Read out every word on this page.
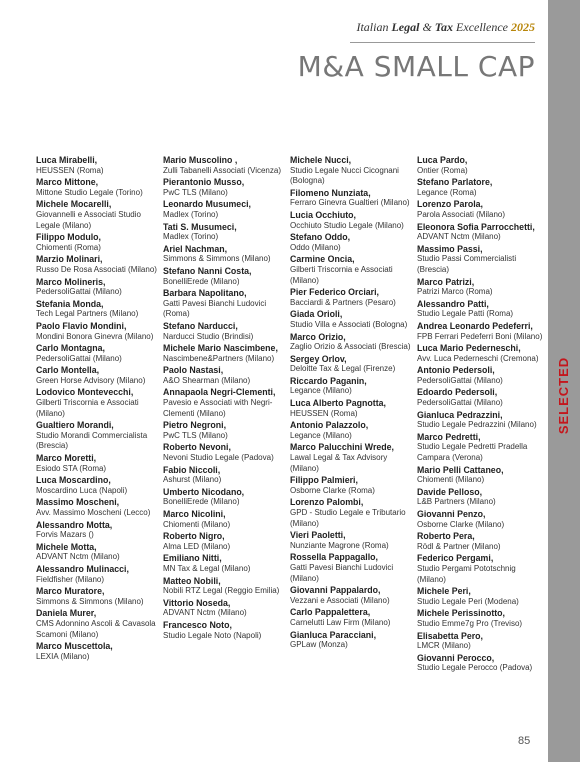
Italian Legal & Tax Excellence 2025
M&A SMALL CAP
SELECTED
Luca Mirabelli,
HEUSSEN (Roma)
Marco Mittone,
Mittone Studio Legale (Torino)
Michele Mocarelli,
Giovannelli e Associati Studio Legale (Milano)
Filippo Modulo,
Chiomenti (Roma)
Marzio Molinari,
Russo De Rosa Associati (Milano)
Marco Molineris,
PedersoliGattai (Milano)
Stefania Monda,
Tech Legal Partners (Milano)
Paolo Flavio Mondini,
Mondini Bonora Ginevra (Milano)
Carlo Montagna,
PedersoliGattai (Milano)
Carlo Montella,
Green Horse Advisory (Milano)
Lodovico Montevecchi,
Gilberti Triscornia e Associati (Milano)
Gualtiero Morandi,
Studio Morandi Commercialista (Brescia)
Marco Moretti,
Esiodo STA (Roma)
Luca Moscardino,
Moscardino Luca (Napoli)
Massimo Moscheni,
Avv. Massimo Moscheni (Lecco)
Alessandro Motta,
Forvis Mazars ()
Michele Motta,
ADVANT Nctm (Milano)
Alessandro Mulinacci,
Fieldfisher (Milano)
Marco Muratore,
Simmons & Simmons (Milano)
Daniela Murer,
CMS Adonnino Ascoli & Cavasola Scamoni (Milano)
Marco Muscettola,
LEXIA (Milano)
Mario Muscolino ,
Zulli Tabanelli Associati (Vicenza)
Pierantonio Musso,
PwC TLS (Milano)
Leonardo Musumeci,
Madlex (Torino)
Tati S. Musumeci,
Madlex (Torino)
Ariel Nachman,
Simmons & Simmons (Milano)
Stefano Nanni Costa,
BonelliErede (Milano)
Barbara Napolitano,
Gatti Pavesi Bianchi Ludovici (Roma)
Stefano Narducci,
Narducci Studio (Brindisi)
Michele Mario Nascimbene,
Nascimbene&Partners (Milano)
Paolo Nastasi,
A&O Shearman (Milano)
Annapaola Negri-Clementi,
Pavesio e Associati with Negri-Clementi (Milano)
Pietro Negroni,
PwC TLS (Milano)
Roberto Nevoni,
Nevoni Studio Legale (Padova)
Fabio Niccoli,
Ashurst (Milano)
Umberto Nicodano,
BonelliErede (Milano)
Marco Nicolini,
Chiomenti (Milano)
Roberto Nigro,
Alma LED (Milano)
Emiliano Nitti,
MN Tax & Legal (Milano)
Matteo Nobili,
Nobili RTZ Legal (Reggio Emilia)
Vittorio Noseda,
ADVANT Nctm (Milano)
Francesco Noto,
Studio Legale Noto (Napoli)
Michele Nucci,
Studio Legale Nucci Cicognani (Bologna)
Filomeno Nunziata,
Ferraro Ginevra Gualtieri (Milano)
Lucia Occhiuto,
Occhiuto Studio Legale (Milano)
Stefano Oddo,
Oddo (Milano)
Carmine Oncia,
Gilberti Triscornia e Associati (Milano)
Pier Federico Orciari,
Bacciardi & Partners (Pesaro)
Giada Orioli,
Studio Villa e Associati (Bologna)
Marco Orizio,
Zaglio Orizio & Associati (Brescia)
Sergey Orlov,
Deloitte Tax & Legal (Firenze)
Riccardo Paganin,
Legance (Milano)
Luca Alberto Pagnotta,
HEUSSEN (Roma)
Antonio Palazzolo,
Legance (Milano)
Marco Palucchini Wrede,
Lawal Legal & Tax Advisory (Milano)
Filippo Palmieri,
Osborne Clarke (Roma)
Lorenzo Palombi,
GPD - Studio Legale e Tributario (Milano)
Vieri Paoletti,
Nunziante Magrone (Roma)
Rossella Pappagallo,
Gatti Pavesi Bianchi Ludovici (Milano)
Giovanni Pappalardo,
Vezzani e Associati (Milano)
Carlo Pappalettera,
Carnelutti Law Firm (Milano)
Gianluca Paracciani,
GPLaw (Monza)
Luca Pardo,
Ontier (Roma)
Stefano Parlatore,
Legance (Roma)
Lorenzo Parola,
Parola Associati (Milano)
Eleonora Sofia Parrocchetti,
ADVANT Nctm (Milano)
Massimo Passi,
Studio Passi Commercialisti (Brescia)
Marco Patrizi,
Patrizi Marco (Roma)
Alessandro Patti,
Studio Legale Patti (Roma)
Andrea Leonardo Pedeferri,
FPB Ferrari Pedeferri Boni (Milano)
Luca Mario Pederneschi,
Avv. Luca Pederneschi (Cremona)
Antonio Pedersoli,
PedersoliGattai (Milano)
Edoardo Pedersoli,
PedersoliGattai (Milano)
Gianluca Pedrazzini,
Studio Legale Pedrazzini (Milano)
Marco Pedretti,
Studio Legale Pedretti Pradella Campara (Verona)
Mario Pelli Cattaneo,
Chiomenti (Milano)
Davide Pelloso,
L&B Partners (Milano)
Giovanni Penzo,
Osborne Clarke (Milano)
Roberto Pera,
Rödl & Partner (Milano)
Federico Pergami,
Studio Pergami Pototschnig (Milano)
Michele Peri,
Studio Legale Peri (Modena)
Michele Perissinotto,
Studio Emme7g Pro (Treviso)
Elisabetta Pero,
LMCR (Milano)
Giovanni Perocco,
Studio Legale Perocco (Padova)
85
